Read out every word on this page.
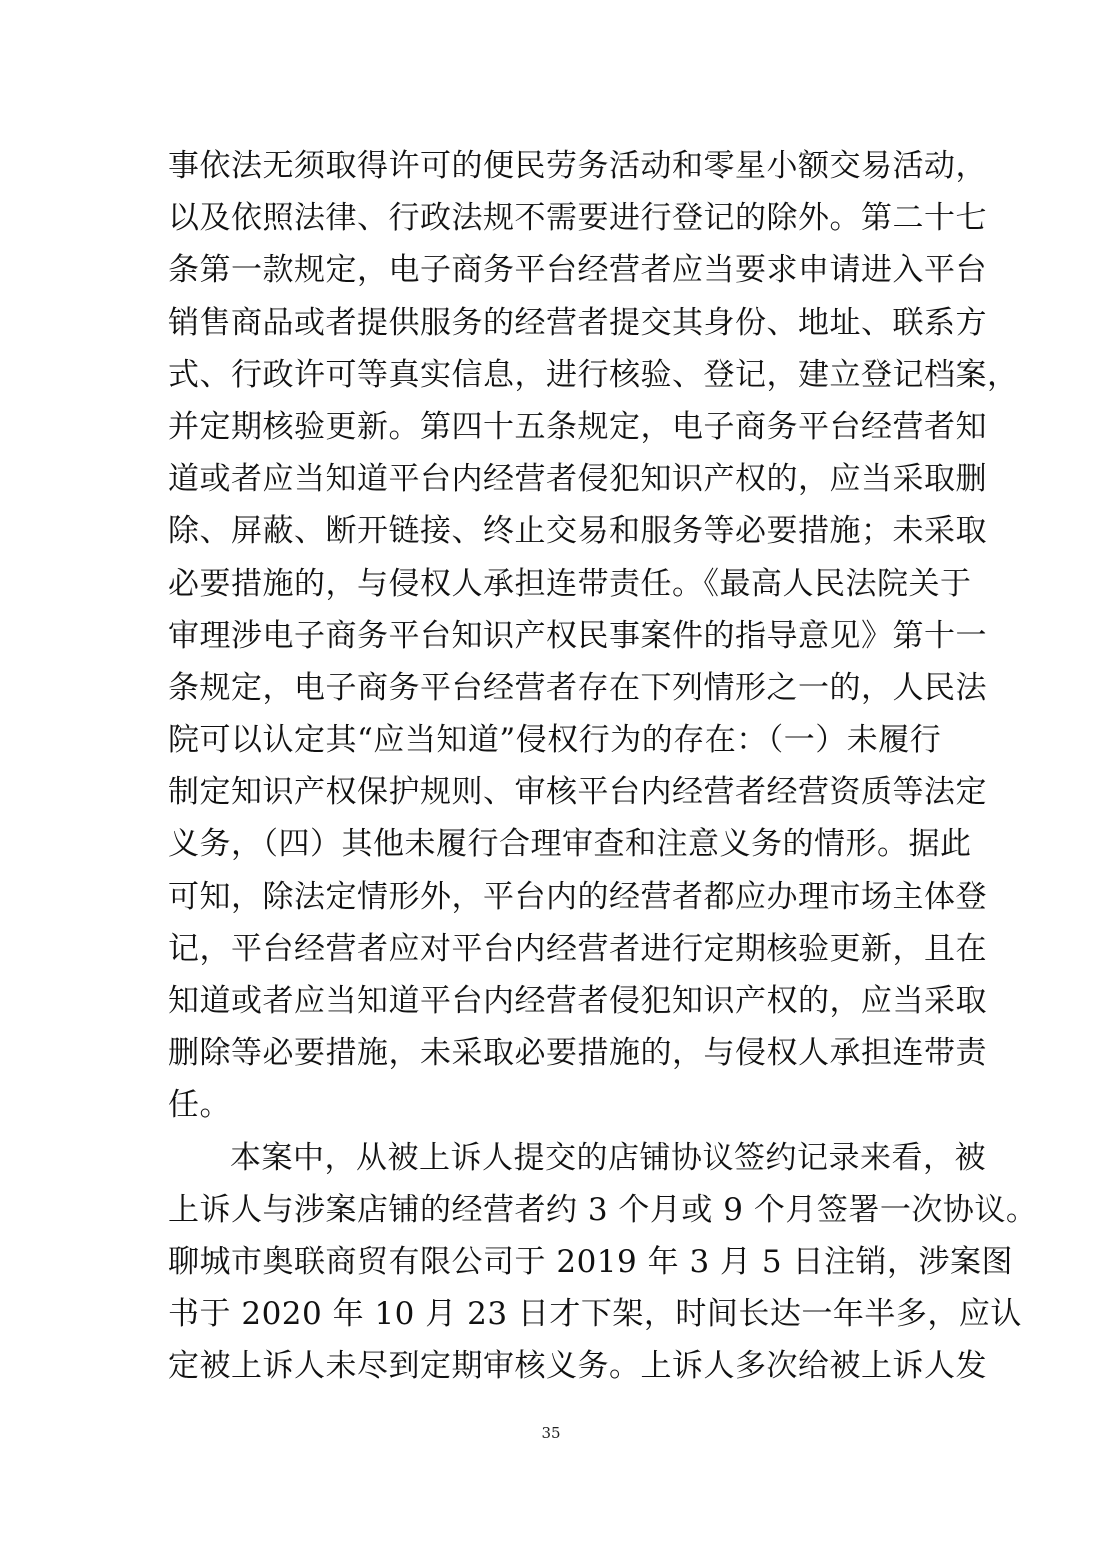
事依法无须取得许可的便民劳务活动和零星小额交易活动，
以及依照法律、行政法规不需要进行登记的除外。第二十七
条第一款规定，电子商务平台经营者应当要求申请进入平台
销售商品或者提供服务的经营者提交其身份、地址、联系方
式、行政许可等真实信息，进行核验、登记，建立登记档案，
并定期核验更新。第四十五条规定，电子商务平台经营者知
道或者应当知道平台内经营者侵犯知识产权的，应当采取删
除、屏蔽、断开链接、终止交易和服务等必要措施；未采取
必要措施的，与侵权人承担连带责任。《最高人民法院关于
审理涉电子商务平台知识产权民事案件的指导意见》第十一
条规定，电子商务平台经营者存在下列情形之一的，人民法
院可以认定其“应当知道”侵权行为的存在：（一）未履行
制定知识产权保护规则、审核平台内经营者经营资质等法定
义务，（四）其他未履行合理审查和注意义务的情形。据此
可知，除法定情形外，平台内的经营者都应办理市场主体登
记，平台经营者应对平台内经营者进行定期核验更新，且在
知道或者应当知道平台内经营者侵犯知识产权的，应当采取
删除等必要措施，未采取必要措施的，与侵权人承担连带责
任。
本案中，从被上诉人提交的店铺协议签约记录来看，被
上诉人与涉案店铺的经营者约 3 个月或 9 个月签署一次协议。
聊城市奥联商贸有限公司于 2019 年 3 月 5 日注销，涉案图
书于 2020 年 10 月 23 日才下架，时间长达一年半多，应认
定被上诉人未尽到定期审核义务。上诉人多次给被上诉人发
35
